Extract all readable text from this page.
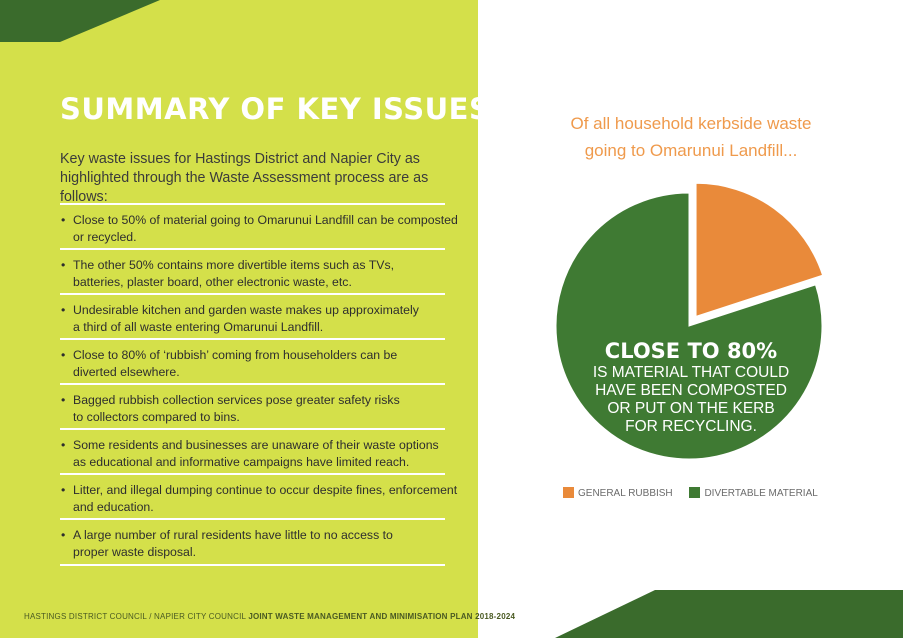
SUMMARY OF KEY ISSUES
Key waste issues for Hastings District and Napier City as
highlighted through the Waste Assessment process are as follows:
• Close to 50% of material going to Omarunui Landfill can be composted
or recycled.
• The other 50% contains more divertible items such as TVs,
batteries, plaster board, other electronic waste, etc.
• Undesirable kitchen and garden waste makes up approximately
a third of all waste entering Omarunui Landfill.
• Close to 80% of ‘rubbish’ coming from householders can be
diverted elsewhere.
• Bagged rubbish collection services pose greater safety risks
to collectors compared to bins.
• Some residents and businesses are unaware of their waste options
as educational and informative campaigns have limited reach.
• Litter, and illegal dumping continue to occur despite fines, enforcement
and education.
• A large number of rural residents have little to no access to
proper waste disposal.
HASTINGS DISTRICT COUNCIL / NAPIER CITY COUNCIL JOINT WASTE MANAGEMENT AND MINIMISATION PLAN 2018-2024
Of all household kerbside waste
going to Omarunui Landfill...
CLOSE TO 80%
IS MATERIAL THAT COULD
HAVE BEEN COMPOSTED
OR PUT ON THE KERB
FOR RECYCLING.
GENERAL RUBBISH	DIVERTABLE MATERIAL
